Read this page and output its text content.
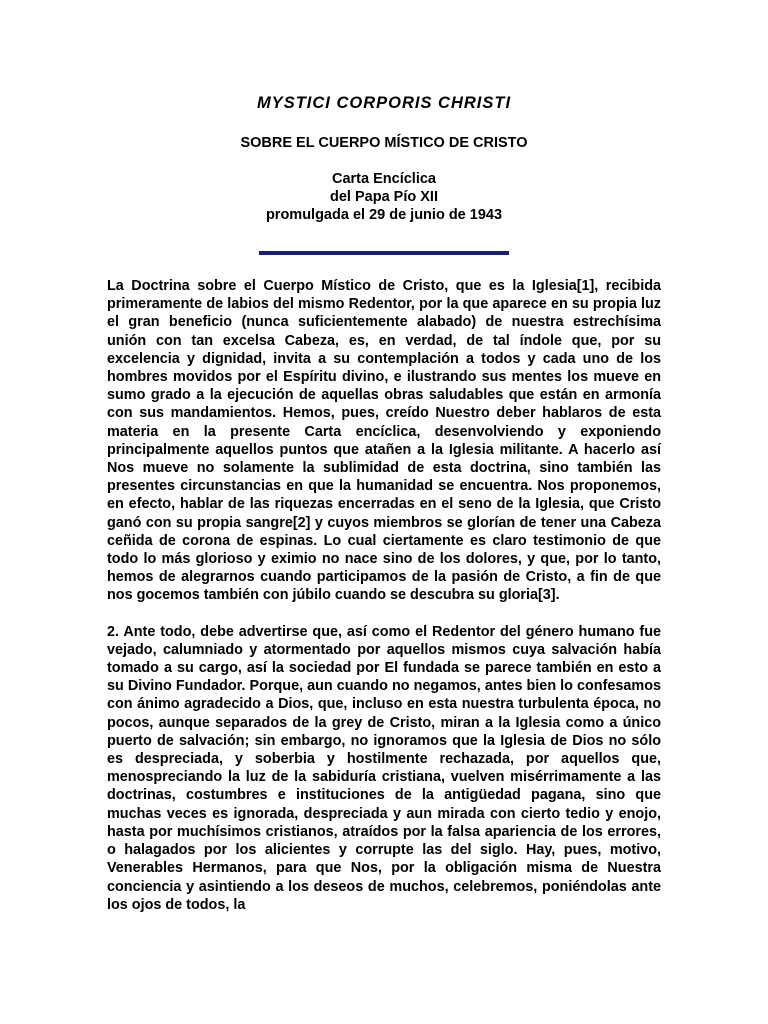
MYSTICI CORPORIS CHRISTI
SOBRE EL CUERPO MÍSTICO DE CRISTO
Carta Encíclica
del Papa Pío XII
promulgada el 29 de junio de 1943

La Doctrina sobre el Cuerpo Místico de Cristo, que es la Iglesia[1], recibida primeramente de labios del mismo Redentor, por la que aparece en su propia luz el gran beneficio (nunca suficientemente alabado) de nuestra estrechísima unión con tan excelsa Cabeza, es, en verdad, de tal índole que, por su excelencia y dignidad, invita a su contemplación a todos y cada uno de los hombres movidos por el Espíritu divino, e ilustrando sus mentes los mueve en sumo grado a la ejecución de aquellas obras saludables que están en armonía con sus mandamientos. Hemos, pues, creído Nuestro deber hablaros de esta materia en la presente Carta encíclica, desenvolviendo y exponiendo principalmente aquellos puntos que atañen a la Iglesia militante. A hacerlo así Nos mueve no solamente la sublimidad de esta doctrina, sino también las presentes circunstancias en que la humanidad se encuentra. Nos proponemos, en efecto, hablar de las riquezas encerradas en el seno de la Iglesia, que Cristo ganó con su propia sangre[2] y cuyos miembros se glorían de tener una Cabeza ceñida de corona de espinas. Lo cual ciertamente es claro testimonio de que todo lo más glorioso y eximio no nace sino de los dolores, y que, por lo tanto, hemos de alegrarnos cuando participamos de la pasión de Cristo, a fin de que nos gocemos también con júbilo cuando se descubra su gloria[3].

2. Ante todo, debe advertirse que, así como el Redentor del género humano fue vejado, calumniado y atormentado por aquellos mismos cuya salvación había tomado a su cargo, así la sociedad por El fundada se parece también en esto a su Divino Fundador. Porque, aun cuando no negamos, antes bien lo confesamos con ánimo agradecido a Dios, que, incluso en esta nuestra turbulenta época, no pocos, aunque separados de la grey de Cristo, miran a la Iglesia como a único puerto de salvación; sin embargo, no ignoramos que la Iglesia de Dios no sólo es despreciada, y soberbia y hostilmente rechazada, por aquellos que, menospreciando la luz de la sabiduría cristiana, vuelven misérrimamente a las doctrinas, costumbres e instituciones de la antigüedad pagana, sino que muchas veces es ignorada, despreciada y aun mirada con cierto tedio y enojo, hasta por muchísimos cristianos, atraídos por la falsa apariencia de los errores, o halagados por los alicientes y corrupte las del siglo. Hay, pues, motivo, Venerables Hermanos, para que Nos, por la obligación misma de Nuestra conciencia y asintiendo a los deseos de muchos, celebremos, poniéndolas ante los ojos de todos, la
